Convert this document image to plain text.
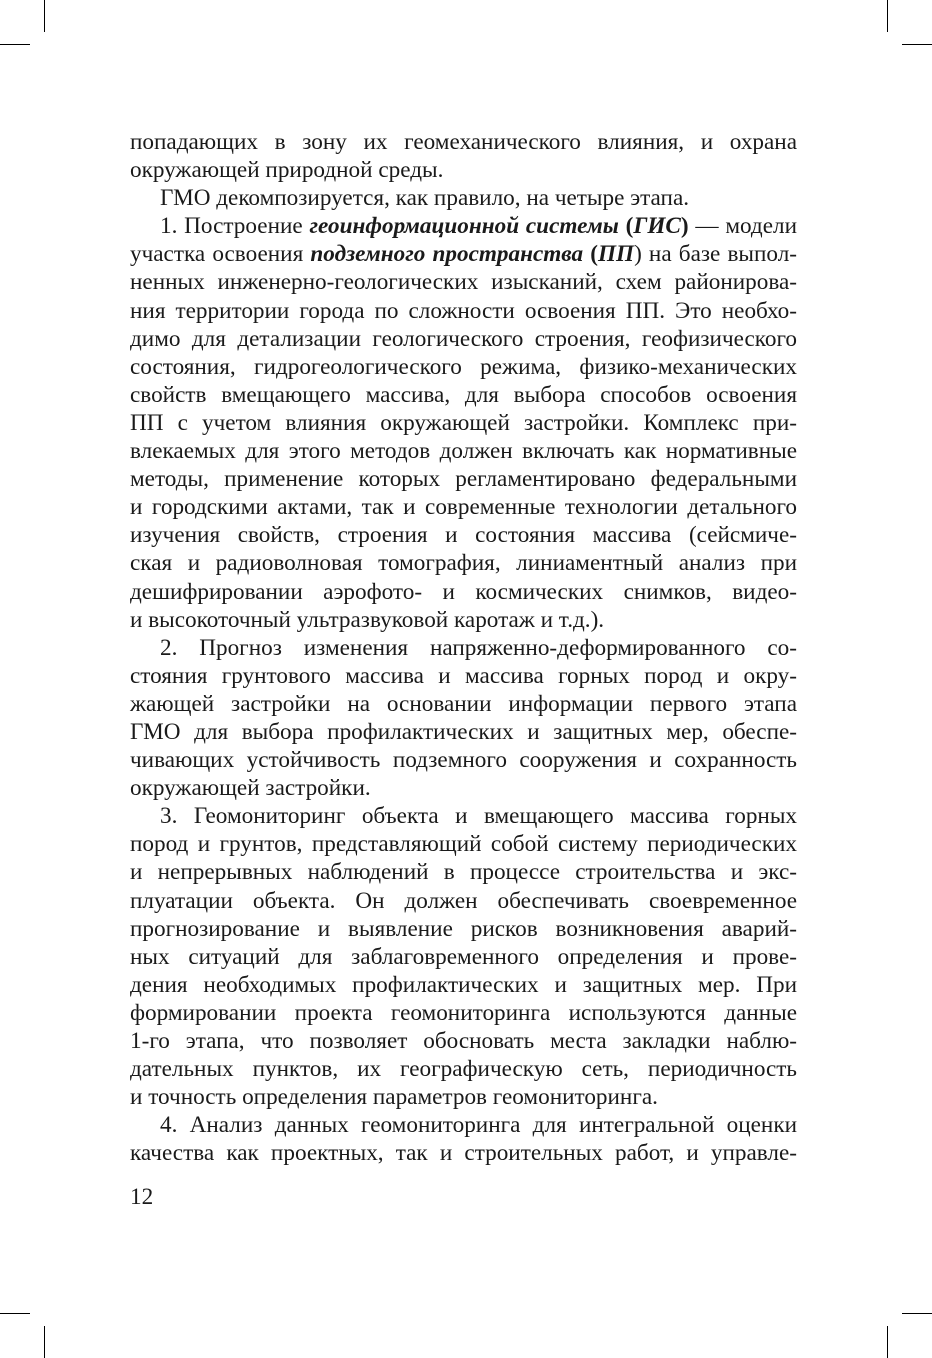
попадающих в зону их геомеханического влияния, и охрана
окружающей природной среды.
ГМО декомпозируется, как правило, на четыре этапа.
1. Построение геоинформационной системы (ГИС) — модели
участка освоения подземного пространства (ПП) на базе выпол-
ненных инженерно-геологических изысканий, схем районирова-
ния территории города по сложности освоения ПП. Это необхо-
димо для детализации геологического строения, геофизического
состояния, гидрогеологического режима, физико-механических
свойств вмещающего массива, для выбора способов освоения
ПП с учетом влияния окружающей застройки. Комплекс при-
влекаемых для этого методов должен включать как нормативные
методы, применение которых регламентировано федеральными
и городскими актами, так и современные технологии детального
изучения свойств, строения и состояния массива (сейсмиче-
ская и радиоволновая томография, линиаментный анализ при
дешифрировании аэрофото- и космических снимков, видео-
и высокоточный ультразвуковой каротаж и т.д.).
2. Прогноз изменения напряженно-деформированного со-
стояния грунтового массива и массива горных пород и окру-
жающей застройки на основании информации первого этапа
ГМО для выбора профилактических и защитных мер, обеспе-
чивающих устойчивость подземного сооружения и сохранность
окружающей застройки.
3. Геомониторинг объекта и вмещающего массива горных
пород и грунтов, представляющий собой систему периодических
и непрерывных наблюдений в процессе строительства и экс-
плуатации объекта. Он должен обеспечивать своевременное
прогнозирование и выявление рисков возникновения аварий-
ных ситуаций для заблаговременного определения и прове-
дения необходимых профилактических и защитных мер. При
формировании проекта геомониторинга используются данные
1-го этапа, что позволяет обосновать места закладки наблю-
дательных пунктов, их географическую сеть, периодичность
и точность определения параметров геомониторинга.
4. Анализ данных геомониторинга для интегральной оценки
качества как проектных, так и строительных работ, и управле-
12
